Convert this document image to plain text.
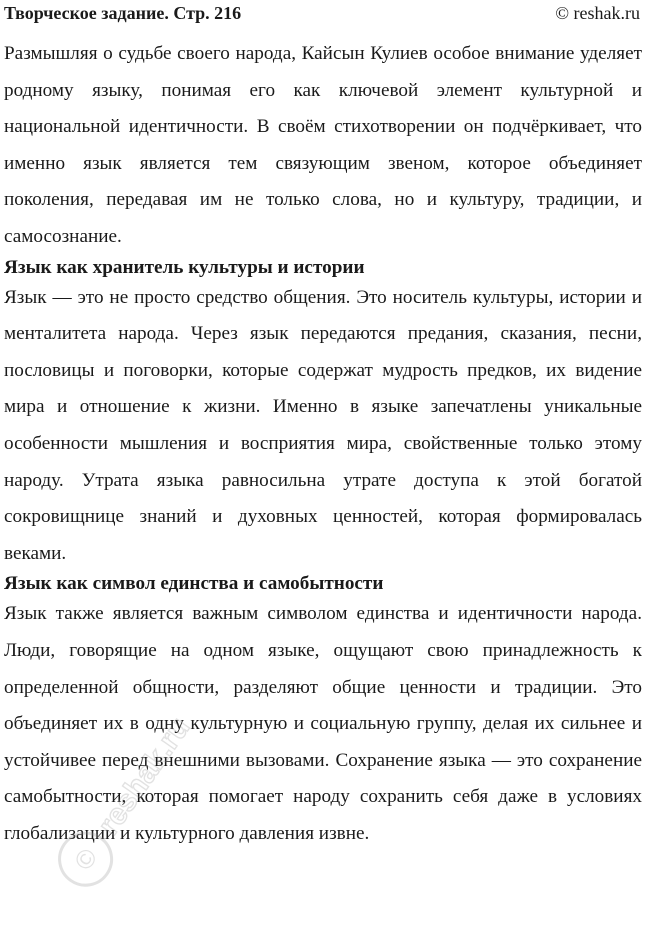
Творческое задание. Стр. 216	© reshak.ru

Размышляя о судьбе своего народа, Кайсын Кулиев особое внимание уделяет родному языку, понимая его как ключевой элемент культурной и национальной идентичности. В своём стихотворении он подчёркивает, что именно язык является тем связующим звеном, которое объединяет поколения, передавая им не только слова, но и культуру, традиции, и самосознание.

Язык как хранитель культуры и истории

Язык — это не просто средство общения. Это носитель культуры, истории и менталитета народа. Через язык передаются предания, сказания, песни, пословицы и поговорки, которые содержат мудрость предков, их видение мира и отношение к жизни. Именно в языке запечатлены уникальные особенности мышления и восприятия мира, свойственные только этому народу. Утрата языка равносильна утрате доступа к этой богатой сокровищнице знаний и духовных ценностей, которая формировалась веками.

Язык как символ единства и самобытности

Язык также является важным символом единства и идентичности народа. Люди, говорящие на одном языке, ощущают свою принадлежность к определенной общности, разделяют общие ценности и традиции. Это объединяет их в одну культурную и социальную группу, делая их сильнее и устойчивее перед внешними вызовами. Сохранение языка — это сохранение самобытности, которая помогает народу сохранить себя даже в условиях глобализации и культурного давления извне.

©
reshak.ru
